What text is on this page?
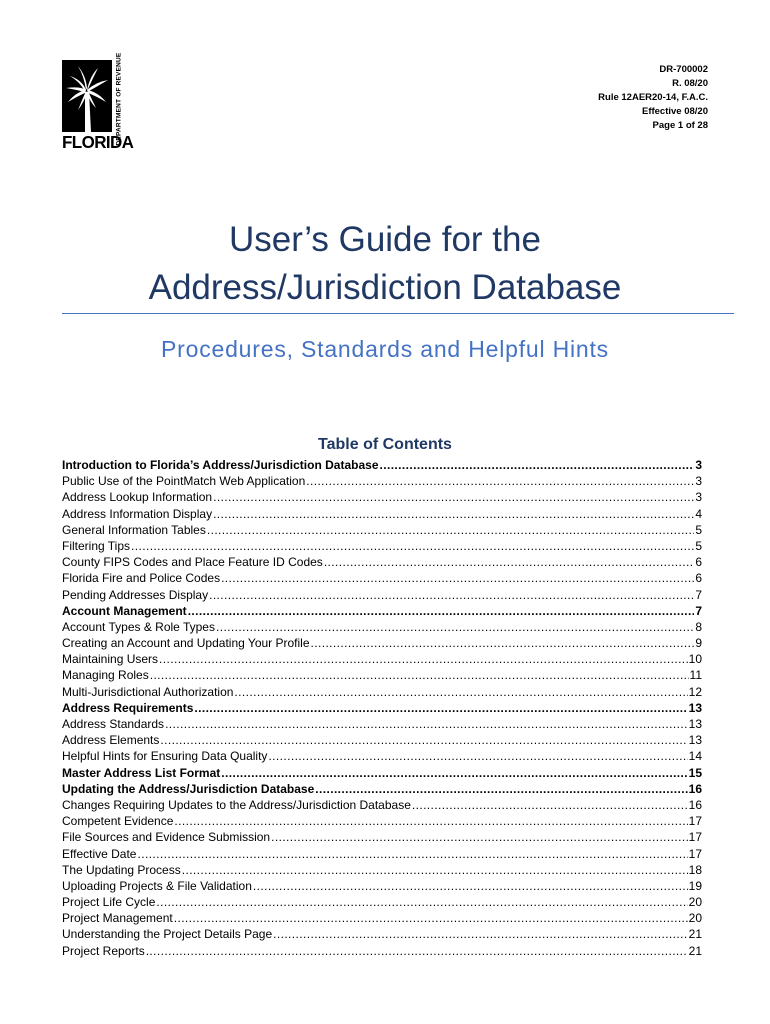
DEPARTMENT OF REVENUE
FLORIDA
DR-700002
R. 08/20
Rule 12AER20-14, F.A.C.
Effective 08/20
Page 1 of 28
User’s Guide for the
Address/Jurisdiction Database
Procedures, Standards and Helpful Hints
Table of Contents
Introduction to Florida’s Address/Jurisdiction Database .....	3
Public Use of the PointMatch Web Application .....	3
Address Lookup Information .....	3
Address Information Display .....	4
General Information Tables .....	5
Filtering Tips .....	5
County FIPS Codes and Place Feature ID Codes .....	6
Florida Fire and Police Codes .....	6
Pending Addresses Display .....	7
Account Management .....	7
Account Types & Role Types .....	8
Creating an Account and Updating Your Profile .....	9
Maintaining Users .....	10
Managing Roles .....	11
Multi-Jurisdictional Authorization .....	12
Address Requirements .....	13
Address Standards .....	13
Address Elements .....	13
Helpful Hints for Ensuring Data Quality .....	14
Master Address List Format .....	15
Updating the Address/Jurisdiction Database .....	16
Changes Requiring Updates to the Address/Jurisdiction Database .....	16
Competent Evidence .....	17
File Sources and Evidence Submission .....	17
Effective Date .....	17
The Updating Process .....	18
Uploading Projects & File Validation .....	19
Project Life Cycle .....	20
Project Management .....	20
Understanding the Project Details Page .....	21
Project Reports .....	21
